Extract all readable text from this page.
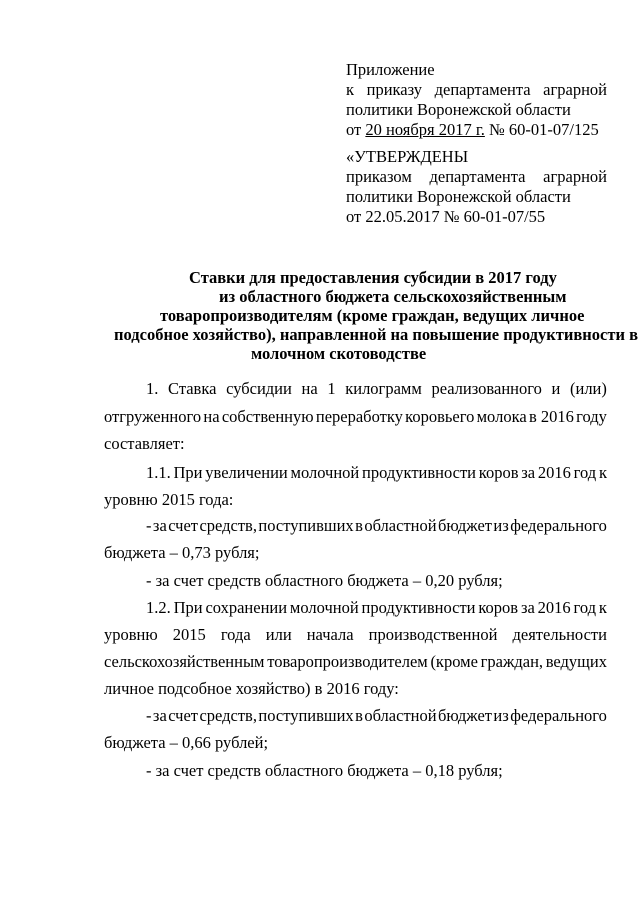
Приложение
к приказу департамента аграрной
политики Воронежской области
от 20 ноября 2017 г. № 60-01-07/125
«УТВЕРЖДЕНЫ
приказом департамента аграрной
политики Воронежской области
от 22.05.2017 № 60-01-07/55
Ставки для предоставления субсидии в 2017 году
из областного бюджета сельскохозяйственным
товаропроизводителям (кроме граждан, ведущих личное
подсобное хозяйство), направленной на повышение продуктивности в
молочном скотоводстве
1. Ставка субсидии на 1 килограмм реализованного и (или)
отгруженного на собственную переработку коровьего молока в 2016 году
составляет:
1.1. При увеличении молочной продуктивности коров за 2016 год к
уровню 2015 года:
- за счет средств, поступивших в областной бюджет из федерального
бюджета – 0,73 рубля;
- за счет средств областного бюджета – 0,20 рубля;
1.2. При сохранении молочной продуктивности коров за 2016 год к
уровню 2015 года или начала производственной деятельности
сельскохозяйственным товаропроизводителем (кроме граждан, ведущих
личное подсобное хозяйство) в 2016 году:
- за счет средств, поступивших в областной бюджет из федерального
бюджета – 0,66 рублей;
- за счет средств областного бюджета – 0,18 рубля;
